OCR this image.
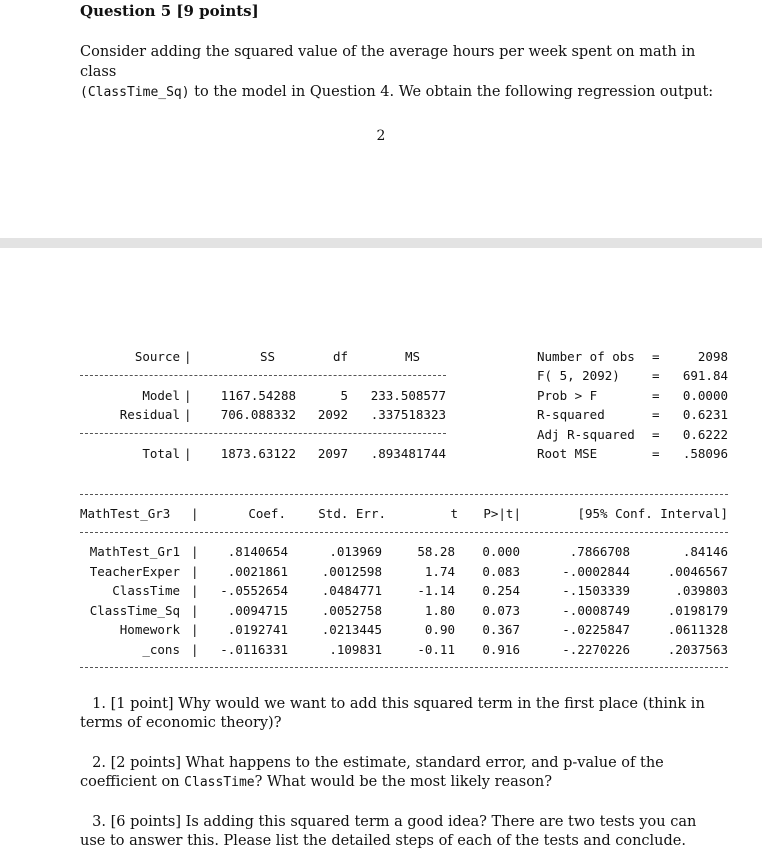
Question 5 [9 points]
Consider adding the squared value of the average hours per week spent on math in class
(ClassTime_Sq) to the model in Question 4. We obtain the following regression output:
2
Source |	SS	df	MS
Model |	1167.54288	5	233.508577
Residual |	706.088332	2092	.337518323
Total |	1873.63122	2097	.893481744
Number of obs =	2098
F( 5, 2092)	=	691.84
Prob > F	=	0.0000
R-squared	=	0.6231
Adj R-squared =	0.6222
Root MSE	=	.58096
MathTest_Gr3 |	Coef.	Std. Err.	t	P>|t|	[95% Conf. Interval]
MathTest_Gr1 |	.8140654	.013969	58.28	0.000	.7866708	.84146
TeacherExper |	.0021861	.0012598	1.74	0.083	-.0002844	.0046567
ClassTime |	-.0552654	.0484771	-1.14	0.254	-.1503339	.039803
ClassTime_Sq |	.0094715	.0052758	1.80	0.073	-.0008749	.0198179
Homework |	.0192741	.0213445	0.90	0.367	-.0225847	.0611328
_cons |	-.0116331	.109831	-0.11	0.916	-.2270226	.2037563
1. [1 point] Why would we want to add this squared term in the first place (think in terms of economic theory)?
2. [2 points] What happens to the estimate, standard error, and p-value of the coefficient on ClassTime? What would be the most likely reason?
3. [6 points] Is adding this squared term a good idea? There are two tests you can use to answer this. Please list the detailed steps of each of the tests and conclude.
